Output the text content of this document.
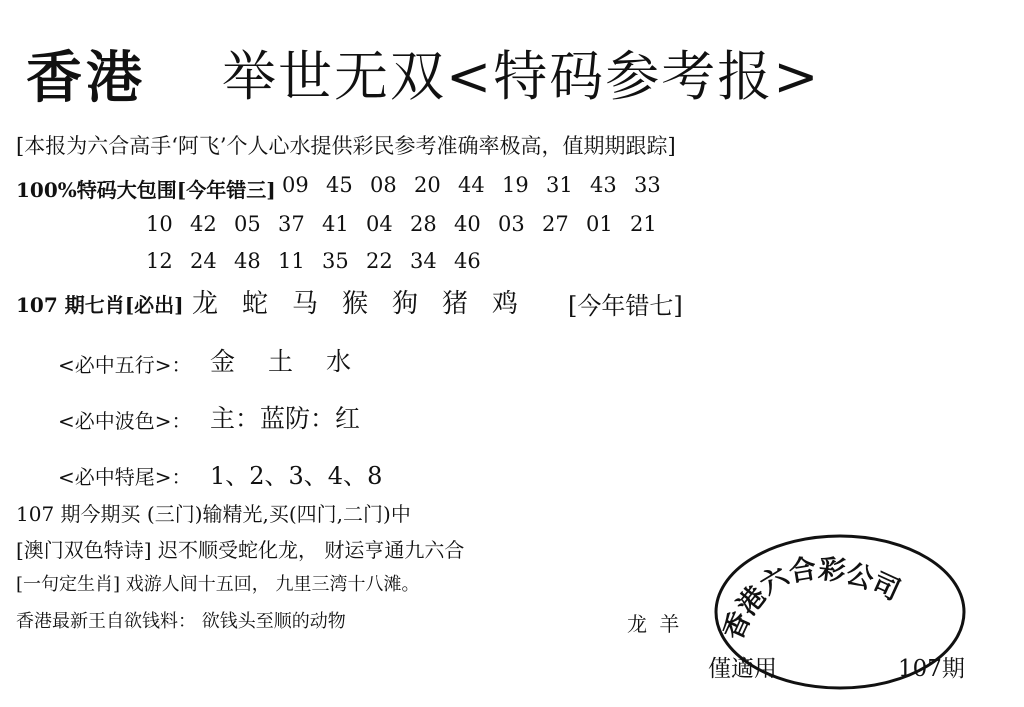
香港 举世无双<特码参考报>
[本报为六合高手‘阿飞’个人心水提供彩民参考准确率极高，值期期跟踪]
100%特码大包围[今年错三] 09 45 08 20 44 19 31 43 33
10 42 05 37 41 04 28 40 03 27 01 21
12 24 48 11 35 22 34 46
107 期七肖[必出] 龙 蛇 马 猴 狗 猪 鸡	[今年错七]
<必中五行>： 金 土 水
<必中波色>： 主：蓝防：红
<必中特尾>： 1、2、3、4、8
107 期今期买 (三门)输精光,买(四门,二门)中
[澳门双色特诗] 迟不顺受蛇化龙， 财运亨通九六合
[一句定生肖] 戏游人间十五回， 九里三湾十八滩。
香港最新王自欲钱料： 欲钱头至顺的动物	龙 羊 香港六合彩公司
僅適用	107期
